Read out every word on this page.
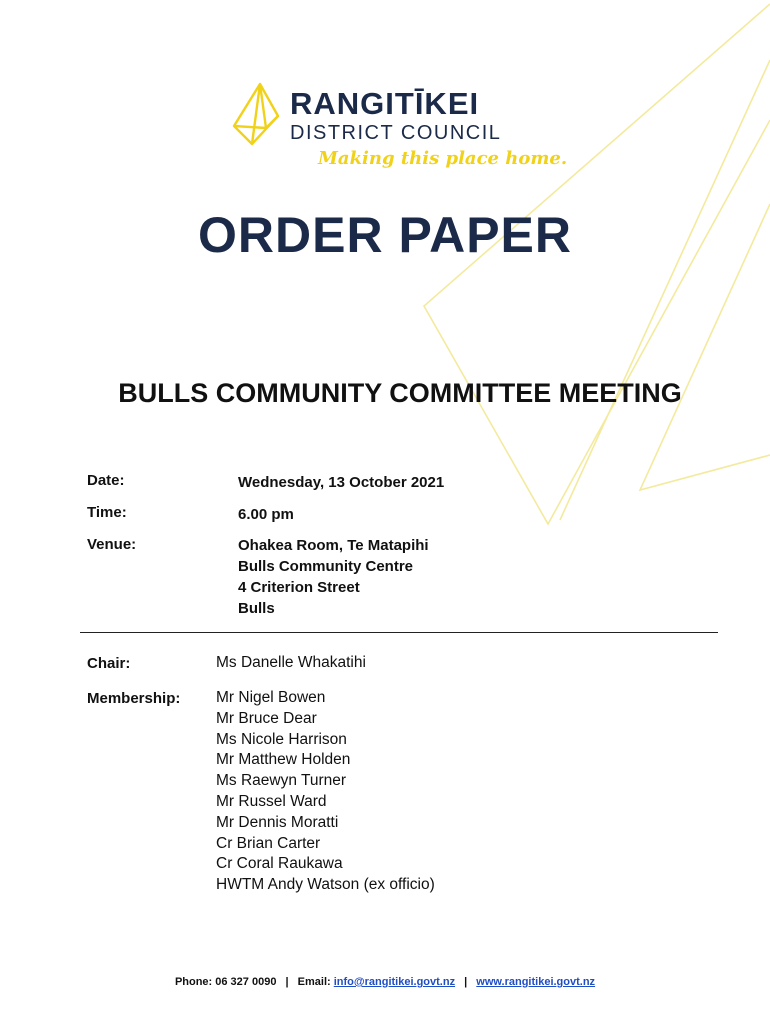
RANGITĪKEI
DISTRICT COUNCIL
Making this place home.
ORDER PAPER
BULLS COMMUNITY COMMITTEE MEETING
Date:	Wednesday, 13 October 2021
Time:	6.00 pm
Venue:	Ohakea Room, Te Matapihi
Bulls Community Centre
4 Criterion Street
Bulls
Chair:	Ms Danelle Whakatihi
Membership: Mr Nigel Bowen
Mr Bruce Dear
Ms Nicole Harrison
Mr Matthew Holden
Ms Raewyn Turner
Mr Russel Ward
Mr Dennis Moratti
Cr Brian Carter
Cr Coral Raukawa
HWTM Andy Watson (ex officio)
Phone: 06 327 0090 | Email: info@rangitikei.govt.nz | www.rangitikei.govt.nz
